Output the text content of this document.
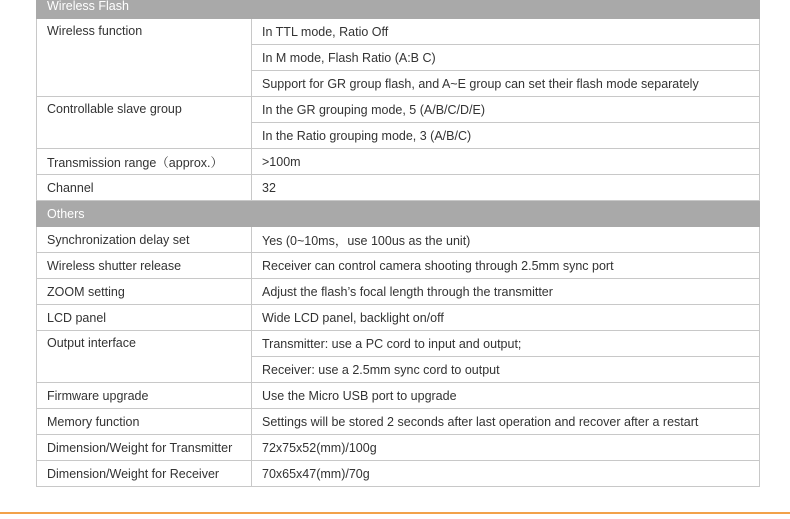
Wireless Flash	
Wireless function	In TTL mode, Ratio Off
	In M mode, Flash Ratio (A:B C)
	Support for GR group flash, and A~E group can set their flash mode separately
Controllable slave group	In the GR grouping mode, 5 (A/B/C/D/E)
	In the Ratio grouping mode, 3 (A/B/C)
Transmission range（approx.）	>100m
Channel	32
Others	
Synchronization delay set	Yes (0~10ms，use 100us as the unit)
Wireless shutter release	Receiver can control camera shooting through 2.5mm sync port
ZOOM setting	Adjust the flash’s focal length through the transmitter
LCD panel	Wide LCD panel, backlight on/off
Output interface	Transmitter: use a PC cord to input and output;
	Receiver: use a 2.5mm sync cord to output
Firmware upgrade	Use the Micro USB port to upgrade
Memory function	Settings will be stored 2 seconds after last operation and recover after a restart
Dimension/Weight for Transmitter	72x75x52(mm)/100g
Dimension/Weight for Receiver	70x65x47(mm)/70g
